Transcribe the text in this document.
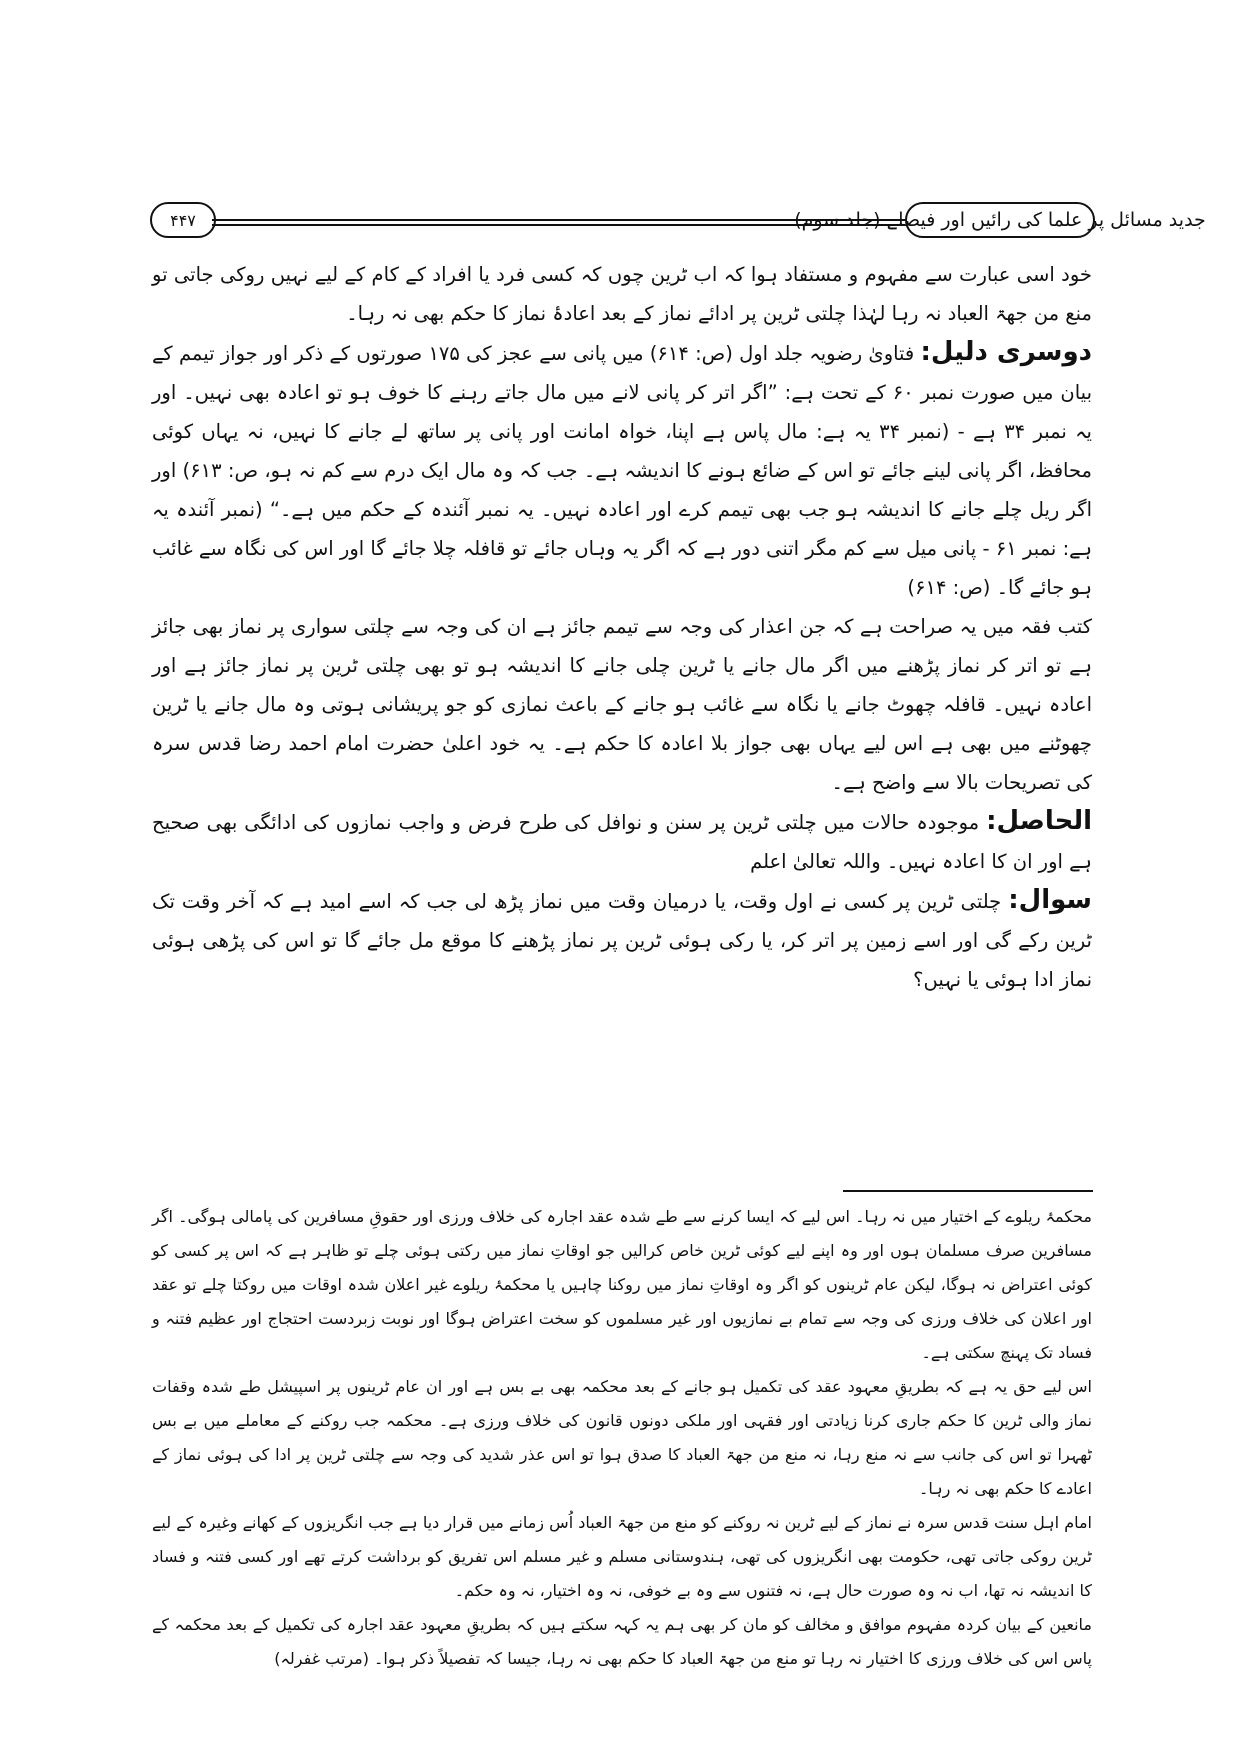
۴۴۷	جدید مسائل پر علما کی رائیں اور فیصلے (جلد سوم)

خود اسی عبارت سے مفہوم و مستفاد ہوا کہ اب ٹرین چوں کہ کسی فرد یا افراد کے کام کے لیے نہیں روکی جاتی تو منع من جھۃ العباد نہ رہا لہٰذا چلتی ٹرین پر ادائے نماز کے بعد اعادۂ نماز کا حکم بھی نہ رہا۔

دوسری دلیل: فتاویٰ رضویہ جلد اول (ص: ۶۱۴) میں پانی سے عجز کی ۱۷۵ صورتوں کے ذکر اور جواز تیمم کے بیان میں صورت نمبر ۶۰ کے تحت ہے: ”اگر اتر کر پانی لانے میں مال جاتے رہنے کا خوف ہو تو اعادہ بھی نہیں۔ اور یہ نمبر ۳۴ ہے - (نمبر ۳۴ یہ ہے: مال پاس ہے اپنا، خواہ امانت اور پانی پر ساتھ لے جانے کا نہیں، نہ یہاں کوئی محافظ، اگر پانی لینے جائے تو اس کے ضائع ہونے کا اندیشہ ہے۔ جب کہ وہ مال ایک درم سے کم نہ ہو، ص: ۶۱۳) اور اگر ریل چلے جانے کا اندیشہ ہو جب بھی تیمم کرے اور اعادہ نہیں۔ یہ نمبر آئندہ کے حکم میں ہے۔“ (نمبر آئندہ یہ ہے: نمبر ۶۱ - پانی میل سے کم مگر اتنی دور ہے کہ اگر یہ وہاں جائے تو قافلہ چلا جائے گا اور اس کی نگاہ سے غائب ہو جائے گا۔ (ص: ۶۱۴)

کتب فقہ میں یہ صراحت ہے کہ جن اعذار کی وجہ سے تیمم جائز ہے ان کی وجہ سے چلتی سواری پر نماز بھی جائز ہے تو اتر کر نماز پڑھنے میں اگر مال جانے یا ٹرین چلی جانے کا اندیشہ ہو تو بھی چلتی ٹرین پر نماز جائز ہے اور اعادہ نہیں۔ قافلہ چھوٹ جانے یا نگاہ سے غائب ہو جانے کے باعث نمازی کو جو پریشانی ہوتی وہ مال جانے یا ٹرین چھوٹنے میں بھی ہے اس لیے یہاں بھی جواز بلا اعادہ کا حکم ہے۔ یہ خود اعلیٰ حضرت امام احمد رضا قدس سرہ کی تصریحات بالا سے واضح ہے۔

الحاصل: موجودہ حالات میں چلتی ٹرین پر سنن و نوافل کی طرح فرض و واجب نمازوں کی ادائگی بھی صحیح ہے اور ان کا اعادہ نہیں۔ واللہ تعالیٰ اعلم

سوال: چلتی ٹرین پر کسی نے اول وقت، یا درمیان وقت میں نماز پڑھ لی جب کہ اسے امید ہے کہ آخر وقت تک ٹرین رکے گی اور اسے زمین پر اتر کر، یا رکی ہوئی ٹرین پر نماز پڑھنے کا موقع مل جائے گا تو اس کی پڑھی ہوئی نماز ادا ہوئی یا نہیں؟

محکمۂ ریلوے کے اختیار میں نہ رہا۔ اس لیے کہ ایسا کرنے سے طے شدہ عقد اجارہ کی خلاف ورزی اور حقوقِ مسافرین کی پامالی ہوگی۔ اگر مسافرین صرف مسلمان ہوں اور وہ اپنے لیے کوئی ٹرین خاص کرالیں جو اوقاتِ نماز میں رکتی ہوئی چلے تو ظاہر ہے کہ اس پر کسی کو کوئی اعتراض نہ ہوگا، لیکن عام ٹرینوں کو اگر وہ اوقاتِ نماز میں روکنا چاہیں یا محکمۂ ریلوے غیر اعلان شدہ اوقات میں روکتا چلے تو عقد اور اعلان کی خلاف ورزی کی وجہ سے تمام بے نمازیوں اور غیر مسلموں کو سخت اعتراض ہوگا اور نوبت زبردست احتجاج اور عظیم فتنہ و فساد تک پہنچ سکتی ہے۔

اس لیے حق یہ ہے کہ بطریقِ معہود عقد کی تکمیل ہو جانے کے بعد محکمہ بھی بے بس ہے اور ان عام ٹرینوں پر اسپیشل طے شدہ وقفات نماز والی ٹرین کا حکم جاری کرنا زیادتی اور فقہی اور ملکی دونوں قانون کی خلاف ورزی ہے۔ محکمہ جب روکنے کے معاملے میں بے بس ٹھہرا تو اس کی جانب سے نہ منع رہا، نہ منع من جھۃ العباد کا صدق ہوا تو اس عذر شدید کی وجہ سے چلتی ٹرین پر ادا کی ہوئی نماز کے اعادے کا حکم بھی نہ رہا۔

امام اہل سنت قدس سرہ نے نماز کے لیے ٹرین نہ روکنے کو منع من جھۃ العباد اُس زمانے میں قرار دیا ہے جب انگریزوں کے کھانے وغیرہ کے لیے ٹرین روکی جاتی تھی، حکومت بھی انگریزوں کی تھی، ہندوستانی مسلم و غیر مسلم اس تفریق کو برداشت کرتے تھے اور کسی فتنہ و فساد کا اندیشہ نہ تھا، اب نہ وہ صورت حال ہے، نہ فتنوں سے وہ بے خوفی، نہ وہ اختیار، نہ وہ حکم۔

مانعین کے بیان کردہ مفہوم موافق و مخالف کو مان کر بھی ہم یہ کہہ سکتے ہیں کہ بطریقِ معہود عقد اجارہ کی تکمیل کے بعد محکمہ کے پاس اس کی خلاف ورزی کا اختیار نہ رہا تو منع من جھۃ العباد کا حکم بھی نہ رہا، جیسا کہ تفصیلاً ذکر ہوا۔ (مرتب غفرلہ)
